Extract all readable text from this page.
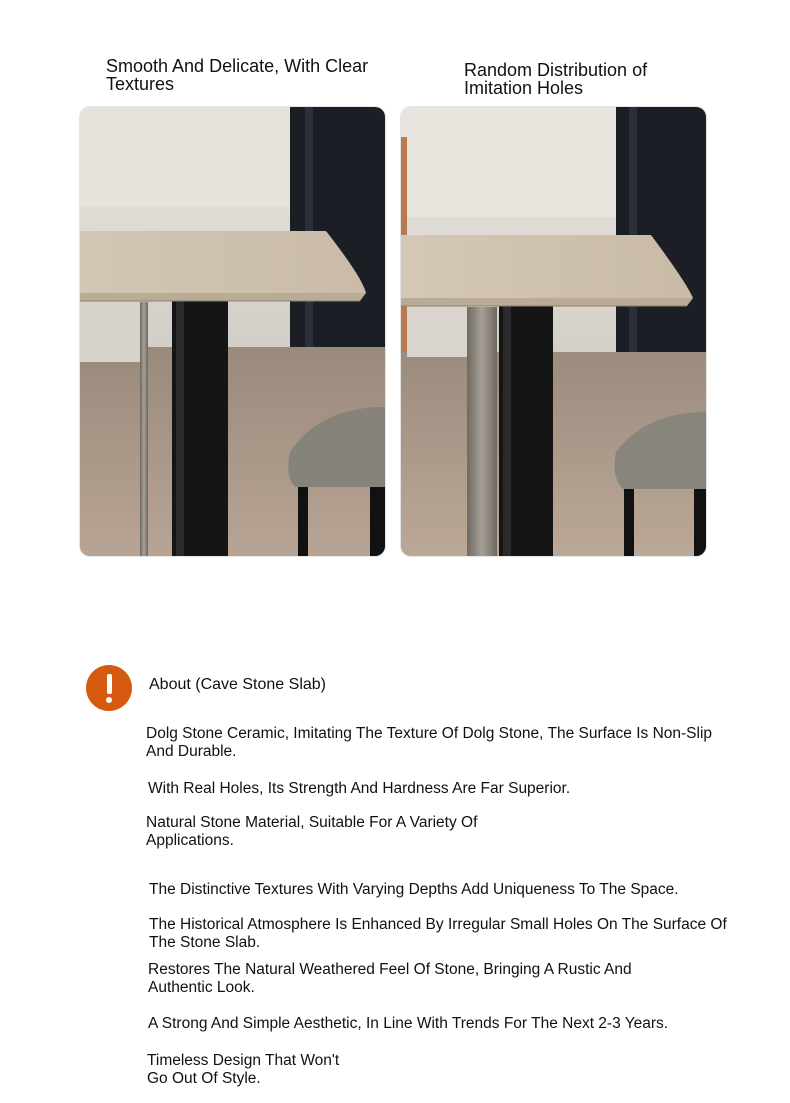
Smooth And Delicate, With Clear Textures
Random Distribution of Imitation Holes
About (Cave Stone Slab)
Dolg Stone Ceramic, Imitating The Texture Of Dolg Stone, The Surface Is Non-Slip And Durable.
With Real Holes, Its Strength And Hardness Are Far Superior.
Natural Stone Material, Suitable For A Variety Of Applications.
The Distinctive Textures With Varying Depths Add Uniqueness To The Space.
The Historical Atmosphere Is Enhanced By Irregular Small Holes On The Surface Of The Stone Slab.
Restores The Natural Weathered Feel Of Stone, Bringing A Rustic And Authentic Look.
A Strong And Simple Aesthetic, In Line With Trends For The Next 2-3 Years.
Timeless Design That Won't Go Out Of Style.
